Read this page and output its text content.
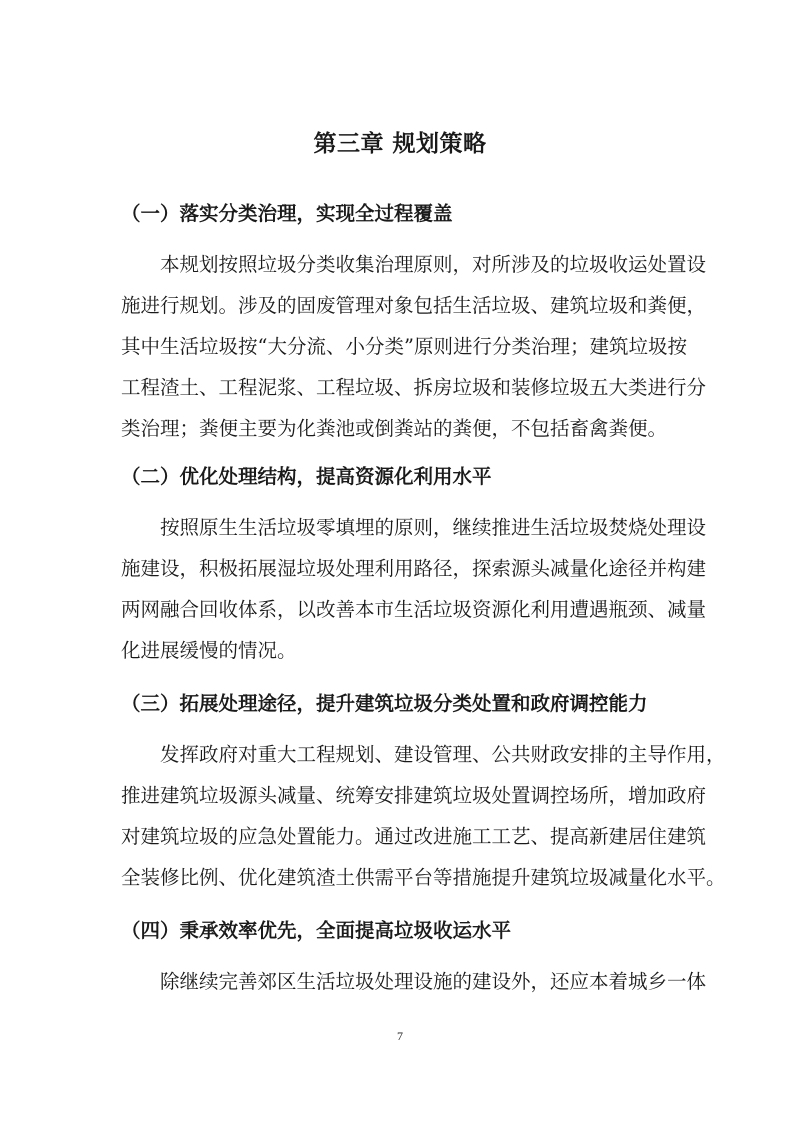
第三章 规划策略
（一）落实分类治理，实现全过程覆盖
本规划按照垃圾分类收集治理原则，对所涉及的垃圾收运处置设
施进行规划。涉及的固废管理对象包括生活垃圾、建筑垃圾和粪便，
其中生活垃圾按“大分流、小分类”原则进行分类治理；建筑垃圾按
工程渣土、工程泥浆、工程垃圾、拆房垃圾和装修垃圾五大类进行分
类治理；粪便主要为化粪池或倒粪站的粪便，不包括畜禽粪便。
（二）优化处理结构，提高资源化利用水平
按照原生生活垃圾零填埋的原则，继续推进生活垃圾焚烧处理设
施建设，积极拓展湿垃圾处理利用路径，探索源头减量化途径并构建
两网融合回收体系，以改善本市生活垃圾资源化利用遭遇瓶颈、减量
化进展缓慢的情况。
（三）拓展处理途径，提升建筑垃圾分类处置和政府调控能力
发挥政府对重大工程规划、建设管理、公共财政安排的主导作用，
推进建筑垃圾源头减量、统筹安排建筑垃圾处置调控场所，增加政府
对建筑垃圾的应急处置能力。通过改进施工工艺、提高新建居住建筑
全装修比例、优化建筑渣土供需平台等措施提升建筑垃圾减量化水平。
（四）秉承效率优先，全面提高垃圾收运水平
除继续完善郊区生活垃圾处理设施的建设外，还应本着城乡一体
7
